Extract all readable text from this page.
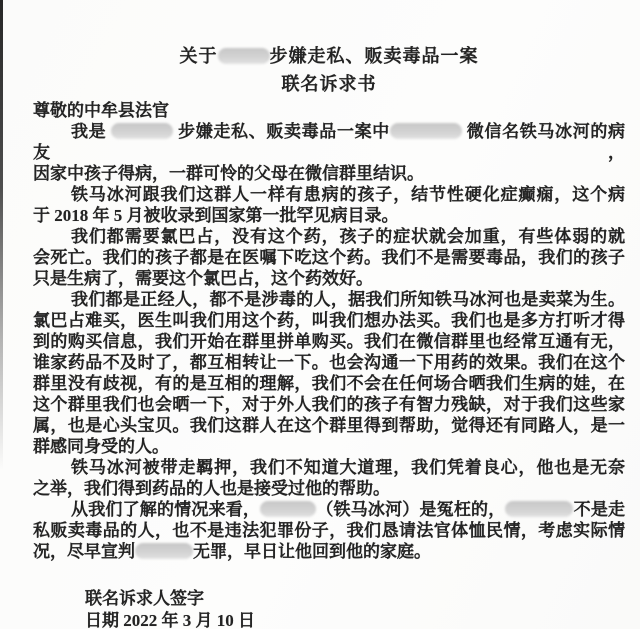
关于	步嫌走私、贩卖毒品一案
联名诉求书
尊敬的中牟县法官
我是	步嫌走私、贩卖毒品一案中	微信名铁马冰河的病友，
因家中孩子得病，一群可怜的父母在微信群里结识。
铁马冰河跟我们这群人一样有患病的孩子，结节性硬化症癫痫，这个病
于 2018 年 5 月被收录到国家第一批罕见病目录。
我们都需要氯巴占，没有这个药，孩子的症状就会加重，有些体弱的就
会死亡。我们的孩子都是在医嘱下吃这个药。我们不是需要毒品，我们的孩子
只是生病了，需要这个氯巴占，这个药效好。
我们都是正经人，都不是涉毒的人，据我们所知铁马冰河也是卖菜为生。
氯巴占难买，医生叫我们用这个药，叫我们想办法买。我们也是多方打听才得
到的购买信息，我们开始在群里拼单购买。我们在微信群里也经常互通有无，
谁家药品不及时了，都互相转让一下。也会沟通一下用药的效果。我们在这个
群里没有歧视，有的是互相的理解，我们不会在任何场合晒我们生病的娃，在
这个群里我们也会晒一下，对于外人我们的孩子有智力残缺，对于我们这些家
属，也是心头宝贝。我们这群人在这个群里得到帮助，觉得还有同路人，是一
群感同身受的人。
铁马冰河被带走羁押，我们不知道大道理，我们凭着良心，他也是无奈
之举，我们得到药品的人也是接受过他的帮助。
从我们了解的情况来看，	（铁马冰河）是冤枉的，	不是走
私贩卖毒品的人，也不是违法犯罪份子，我们恳请法官体恤民情，考虑实际情
况，尽早宣判	无罪，早日让他回到他的家庭。
联名诉求人签字
日期 2022 年 3 月 10 日
